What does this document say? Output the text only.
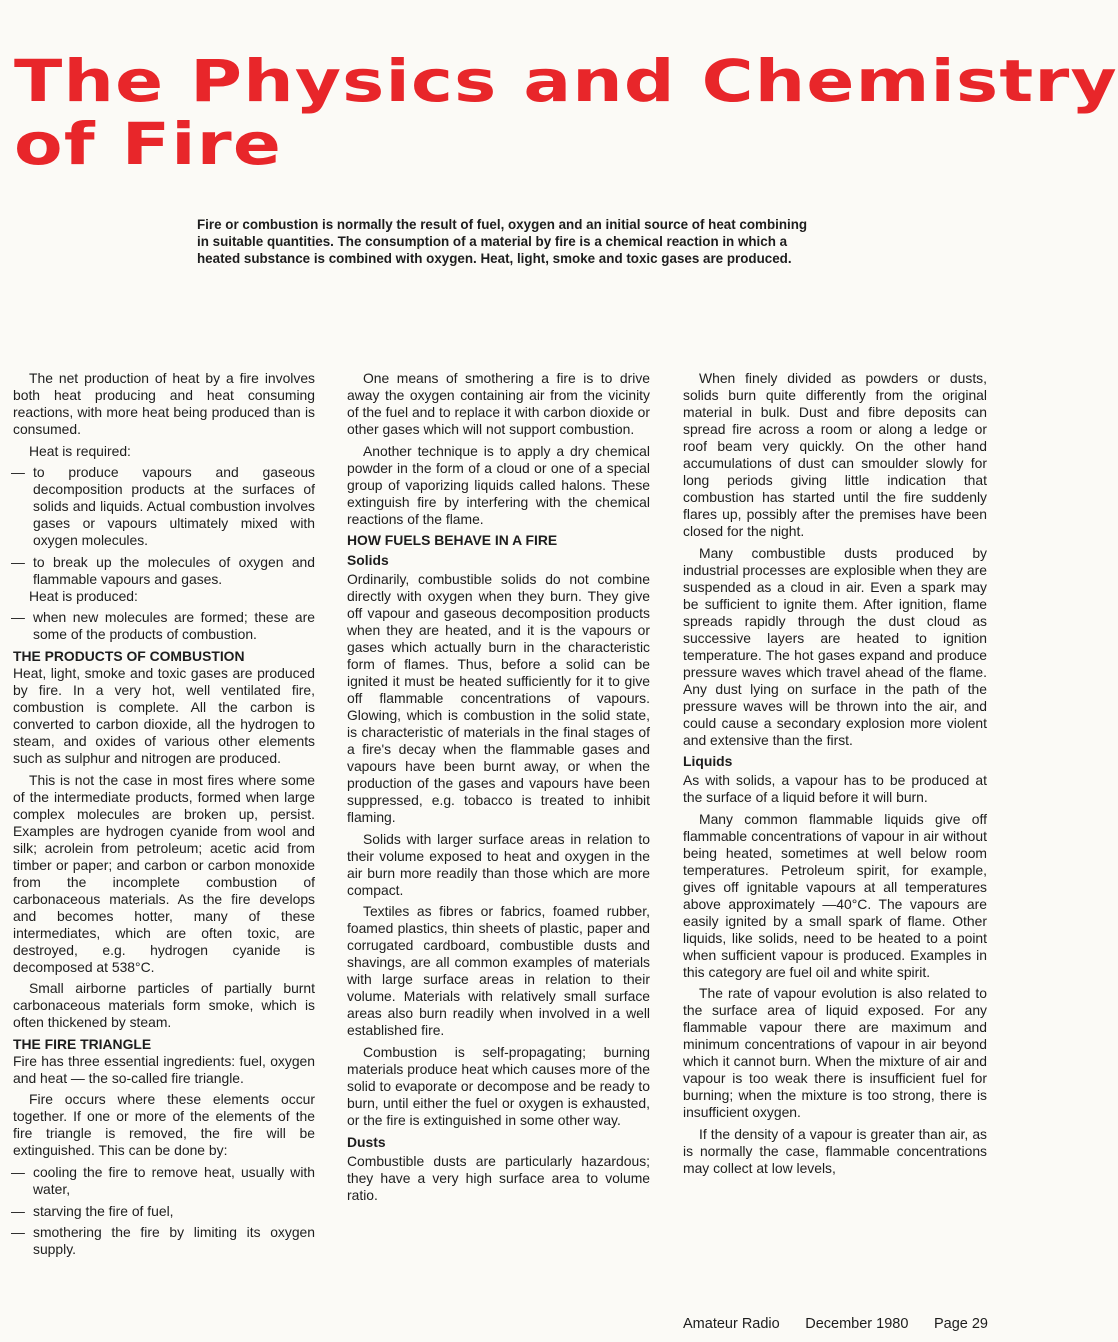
The Physics and Chemistry
of Fire

Fire or combustion is normally the result of fuel, oxygen and an initial source of heat combining in suitable quantities. The consumption of a material by fire is a chemical reaction in which a heated substance is combined with oxygen. Heat, light, smoke and toxic gases are produced.

The net production of heat by a fire involves both heat producing and heat consuming reactions, with more heat being produced than is consumed.

Heat is required:

— to produce vapours and gaseous decomposition products at the surfaces of solids and liquids. Actual combustion involves gases or vapours ultimately mixed with oxygen molecules.
— to break up the molecules of oxygen and flammable vapours and gases.

Heat is produced:

— when new molecules are formed; these are some of the products of combustion.
THE PRODUCTS OF COMBUSTION

Heat, light, smoke and toxic gases are produced by fire. In a very hot, well ventilated fire, combustion is complete. All the carbon is converted to carbon dioxide, all the hydrogen to steam, and oxides of various other elements such as sulphur and nitrogen are produced.

This is not the case in most fires where some of the intermediate products, formed when large complex molecules are broken up, persist. Examples are hydrogen cyanide from wool and silk; acrolein from petroleum; acetic acid from timber or paper; and carbon or carbon monoxide from the incomplete combustion of carbonaceous materials. As the fire develops and becomes hotter, many of these intermediates, which are often toxic, are destroyed, e.g. hydrogen cyanide is decomposed at 538°C.

Small airborne particles of partially burnt carbonaceous materials form smoke, which is often thickened by steam.

THE FIRE TRIANGLE

Fire has three essential ingredients: fuel, oxygen and heat — the so-called fire triangle.

Fire occurs where these elements occur together. If one or more of the elements of the fire triangle is removed, the fire will be extinguished. This can be done by:

— cooling the fire to remove heat, usually with water,
— starving the fire of fuel,
— smothering the fire by limiting its oxygen supply.

One means of smothering a fire is to drive away the oxygen containing air from the vicinity of the fuel and to replace it with carbon dioxide or other gases which will not support combustion.

Another technique is to apply a dry chemical powder in the form of a cloud or one of a special group of vaporizing liquids called halons. These extinguish fire by interfering with the chemical reactions of the flame.

HOW FUELS BEHAVE IN A FIRE
Solids

Ordinarily, combustible solids do not combine directly with oxygen when they burn. They give off vapour and gaseous decomposition products when they are heated, and it is the vapours or gases which actually burn in the characteristic form of flames. Thus, before a solid can be ignited it must be heated sufficiently for it to give off flammable concentrations of vapours. Glowing, which is combustion in the solid state, is characteristic of materials in the final stages of a fire's decay when the flammable gases and vapours have been burnt away, or when the production of the gases and vapours have been suppressed, e.g. tobacco is treated to inhibit flaming.

Solids with larger surface areas in relation to their volume exposed to heat and oxygen in the air burn more readily than those which are more compact.

Textiles as fibres or fabrics, foamed rubber, foamed plastics, thin sheets of plastic, paper and corrugated cardboard, combustible dusts and shavings, are all common examples of materials with large surface areas in relation to their volume. Materials with relatively small surface areas also burn readily when involved in a well established fire.

Combustion is self-propagating; burning materials produce heat which causes more of the solid to evaporate or decompose and be ready to burn, until either the fuel or oxygen is exhausted, or the fire is extinguished in some other way.

Dusts

Combustible dusts are particularly hazardous; they have a very high surface area to volume ratio.

When finely divided as powders or dusts, solids burn quite differently from the original material in bulk. Dust and fibre deposits can spread fire across a room or along a ledge or roof beam very quickly. On the other hand accumulations of dust can smoulder slowly for long periods giving little indication that combustion has started until the fire suddenly flares up, possibly after the premises have been closed for the night.

Many combustible dusts produced by industrial processes are explosible when they are suspended as a cloud in air. Even a spark may be sufficient to ignite them. After ignition, flame spreads rapidly through the dust cloud as successive layers are heated to ignition temperature. The hot gases expand and produce pressure waves which travel ahead of the flame. Any dust lying on surface in the path of the pressure waves will be thrown into the air, and could cause a secondary explosion more violent and extensive than the first.

Liquids

As with solids, a vapour has to be produced at the surface of a liquid before it will burn.

Many common flammable liquids give off flammable concentrations of vapour in air without being heated, sometimes at well below room temperatures. Petroleum spirit, for example, gives off ignitable vapours at all temperatures above approximately —40°C. The vapours are easily ignited by a small spark of flame. Other liquids, like solids, need to be heated to a point when sufficient vapour is produced. Examples in this category are fuel oil and white spirit.

The rate of vapour evolution is also related to the surface area of liquid exposed. For any flammable vapour there are maximum and minimum concentrations of vapour in air beyond which it cannot burn. When the mixture of air and vapour is too weak there is insufficient fuel for burning; when the mixture is too strong, there is insufficient oxygen.

If the density of a vapour is greater than air, as is normally the case, flammable concentrations may collect at low levels,

Amateur Radio December 1980 Page 29
